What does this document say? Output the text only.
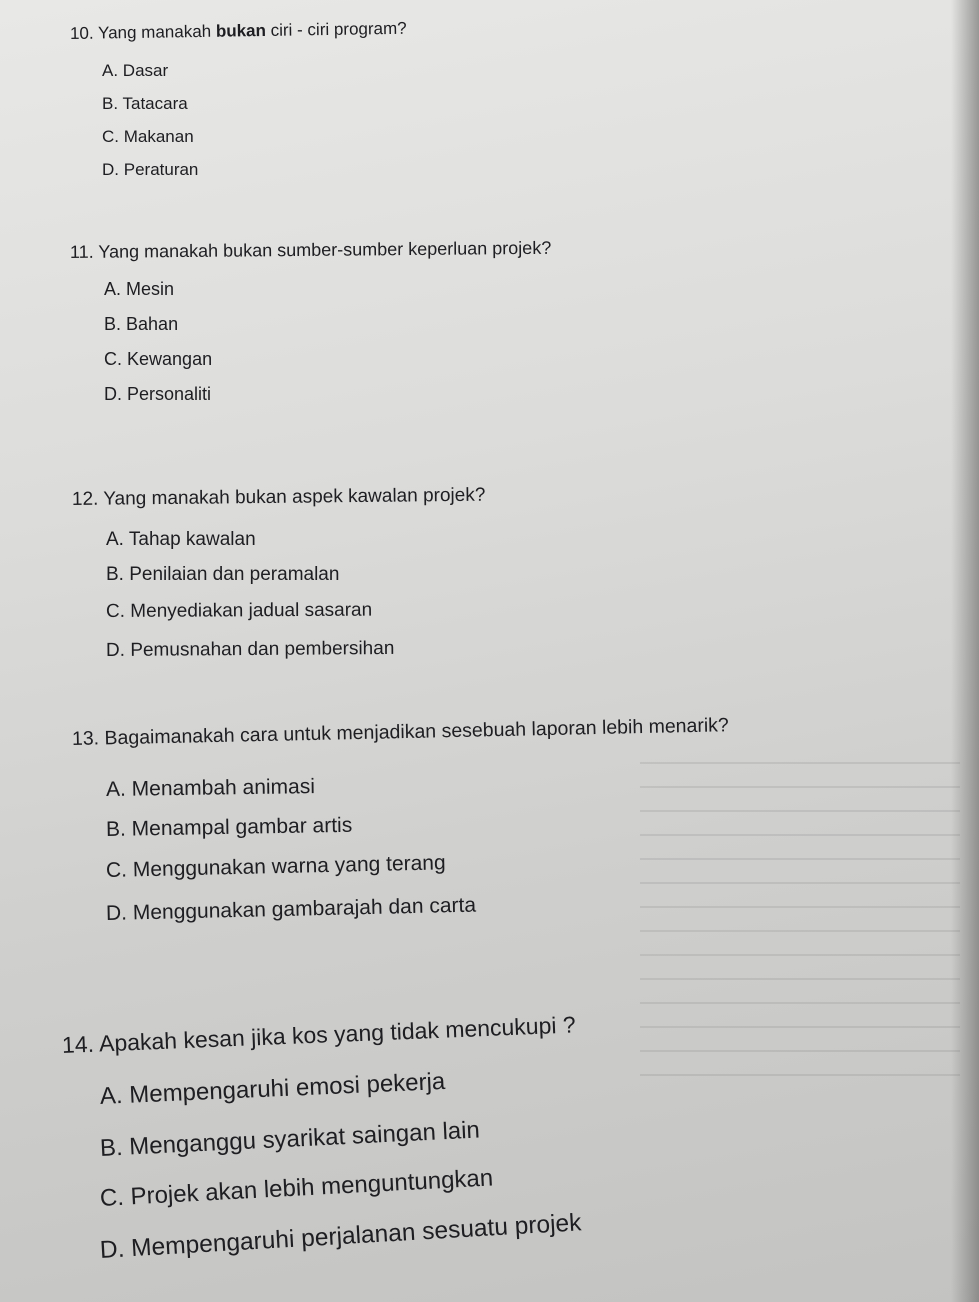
10. Yang manakah bukan ciri - ciri program?
A. Dasar
B. Tatacara
C. Makanan
D. Peraturan
11. Yang manakah bukan sumber-sumber keperluan projek?
A. Mesin
B. Bahan
C. Kewangan
D. Personaliti
12. Yang manakah bukan aspek kawalan projek?
A. Tahap kawalan
B. Penilaian dan peramalan
C. Menyediakan jadual sasaran
D. Pemusnahan dan pembersihan
13. Bagaimanakah cara untuk menjadikan sesebuah laporan lebih menarik?
A. Menambah animasi
B. Menampal gambar artis
C. Menggunakan warna yang terang
D. Menggunakan gambarajah dan carta
14. Apakah kesan jika kos yang tidak mencukupi ?
A. Mempengaruhi emosi pekerja
B. Menganggu syarikat saingan lain
C. Projek akan lebih menguntungkan
D. Mempengaruhi perjalanan sesuatu projek
